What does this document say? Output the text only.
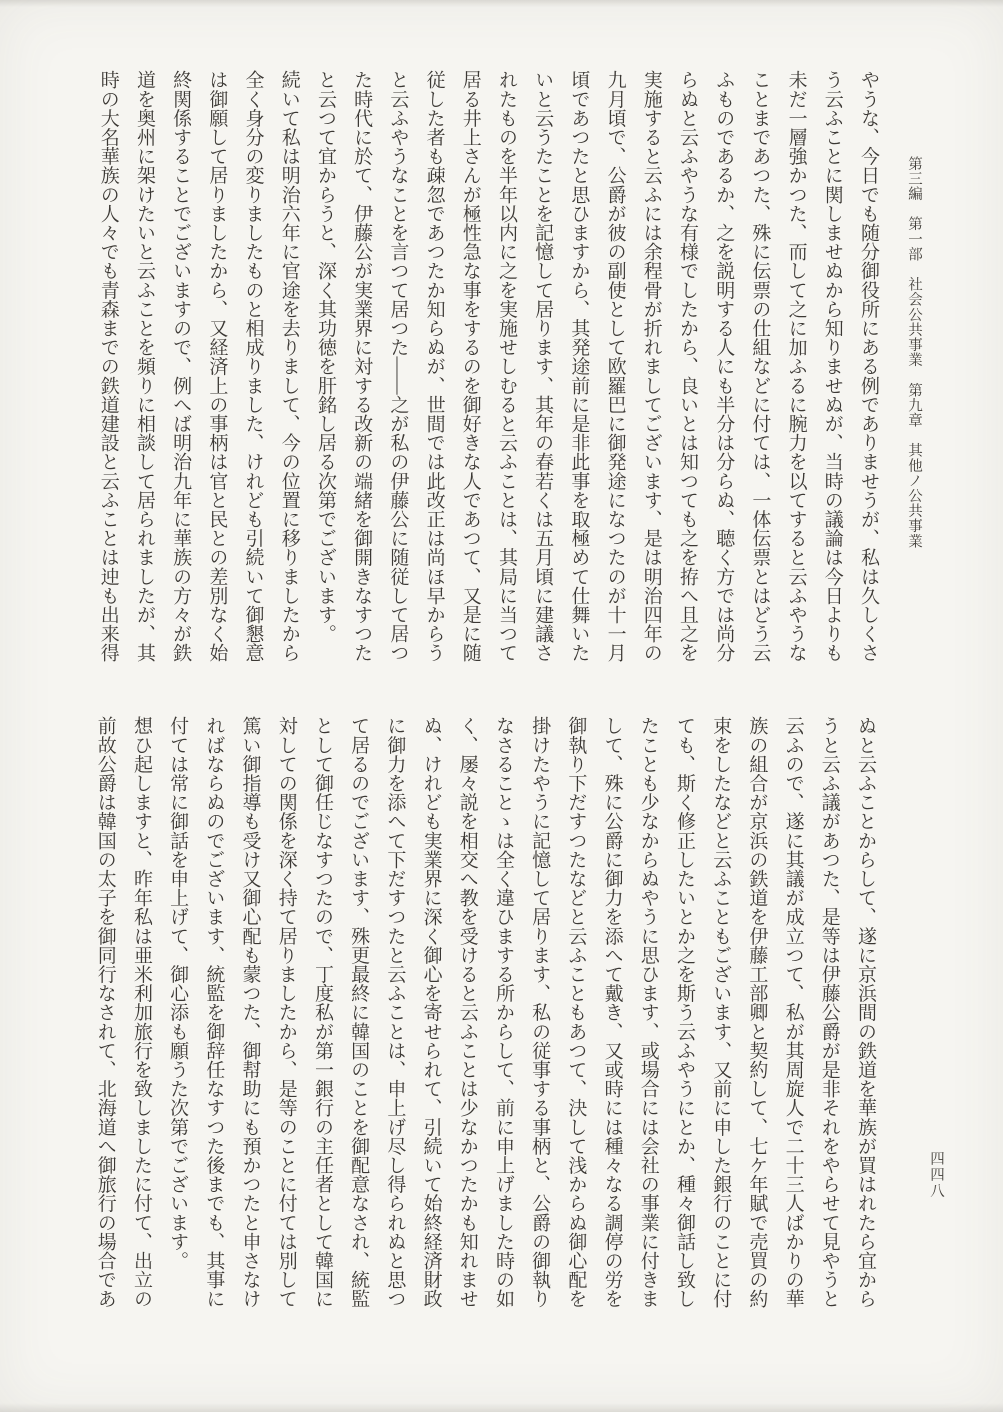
第三編　第一部　社会公共事業　第九章　其他ノ公共事業
やうな、今日でも随分御役所にある例でありませうが、私は久しくさ
う云ふことに関しませぬから知りませぬが、当時の議論は今日よりも
未だ一層強かつた、而して之に加ふるに腕力を以てすると云ふやうな
ことまであつた、殊に伝票の仕組などに付ては、一体伝票とはどう云
ふものであるか、之を説明する人にも半分は分らぬ、聴く方では尚分
らぬと云ふやうな有様でしたから、良いとは知つても之を拵へ且之を
実施すると云ふには余程骨が折れましてございます、是は明治四年の
九月頃で、公爵が彼の副使として欧羅巴に御発途になつたのが十一月
頃であつたと思ひますから、其発途前に是非此事を取極めて仕舞いた
いと云うたことを記憶して居ります、其年の春若くは五月頃に建議さ
れたものを半年以内に之を実施せしむると云ふことは、其局に当つて
居る井上さんが極性急な事をするのを御好きな人であつて、又是に随
従した者も疎忽であつたか知らぬが、世間では此改正は尚ほ早からう
と云ふやうなことを言つて居つた——之が私の伊藤公に随従して居つ
た時代に於て、伊藤公が実業界に対する改新の端緒を御開きなすつた
と云つて宜からうと、深く其功徳を肝銘し居る次第でございます。
続いて私は明治六年に官途を去りまして、今の位置に移りましたから
全く身分の変りましたものと相成りました、けれども引続いて御懇意
は御願して居りましたから、又経済上の事柄は官と民との差別なく始
終関係することでございますので、例へば明治九年に華族の方々が鉄
道を奥州に架けたいと云ふことを頻りに相談して居られましたが、其
時の大名華族の人々でも青森までの鉄道建設と云ふことは迚も出来得
ぬと云ふことからして、遂に京浜間の鉄道を華族が買はれたら宜から
うと云ふ議があつた、是等は伊藤公爵が是非それをやらせて見やうと
云ふので、遂に其議が成立つて、私が其周旋人で二十三人ばかりの華
族の組合が京浜の鉄道を伊藤工部卿と契約して、七ケ年賦で売買の約
束をしたなどと云ふこともございます、又前に申した銀行のことに付
ても、斯く修正したいとか之を斯う云ふやうにとか、種々御話し致し
たことも少なからぬやうに思ひます、或場合には会社の事業に付きま
して、殊に公爵に御力を添へて戴き、又或時には種々なる調停の労を
御執り下だすつたなどと云ふこともあつて、決して浅からぬ御心配を
掛けたやうに記憶して居ります、私の従事する事柄と、公爵の御執り
なさることゝは全く違ひまする所からして、前に申上げました時の如
く、屡々説を相交へ教を受けると云ふことは少なかつたかも知れませ
ぬ、けれども実業界に深く御心を寄せられて、引続いて始終経済財政
に御力を添へて下だすつたと云ふことは、申上げ尽し得られぬと思つ
て居るのでございます、殊更最終に韓国のことを御配意なされ、統監
として御任じなすつたので、丁度私が第一銀行の主任者として韓国に
対しての関係を深く持て居りましたから、是等のことに付ては別して
篤い御指導も受け又御心配も蒙つた、御幇助にも預かつたと申さなけ
ればならぬのでございます、統監を御辞任なすつた後までも、其事に
付ては常に御話を申上げて、御心添も願うた次第でございます。
想ひ起しますと、昨年私は亜米利加旅行を致しましたに付て、出立の
前故公爵は韓国の太子を御同行なされて、北海道へ御旅行の場合であ	四四八
